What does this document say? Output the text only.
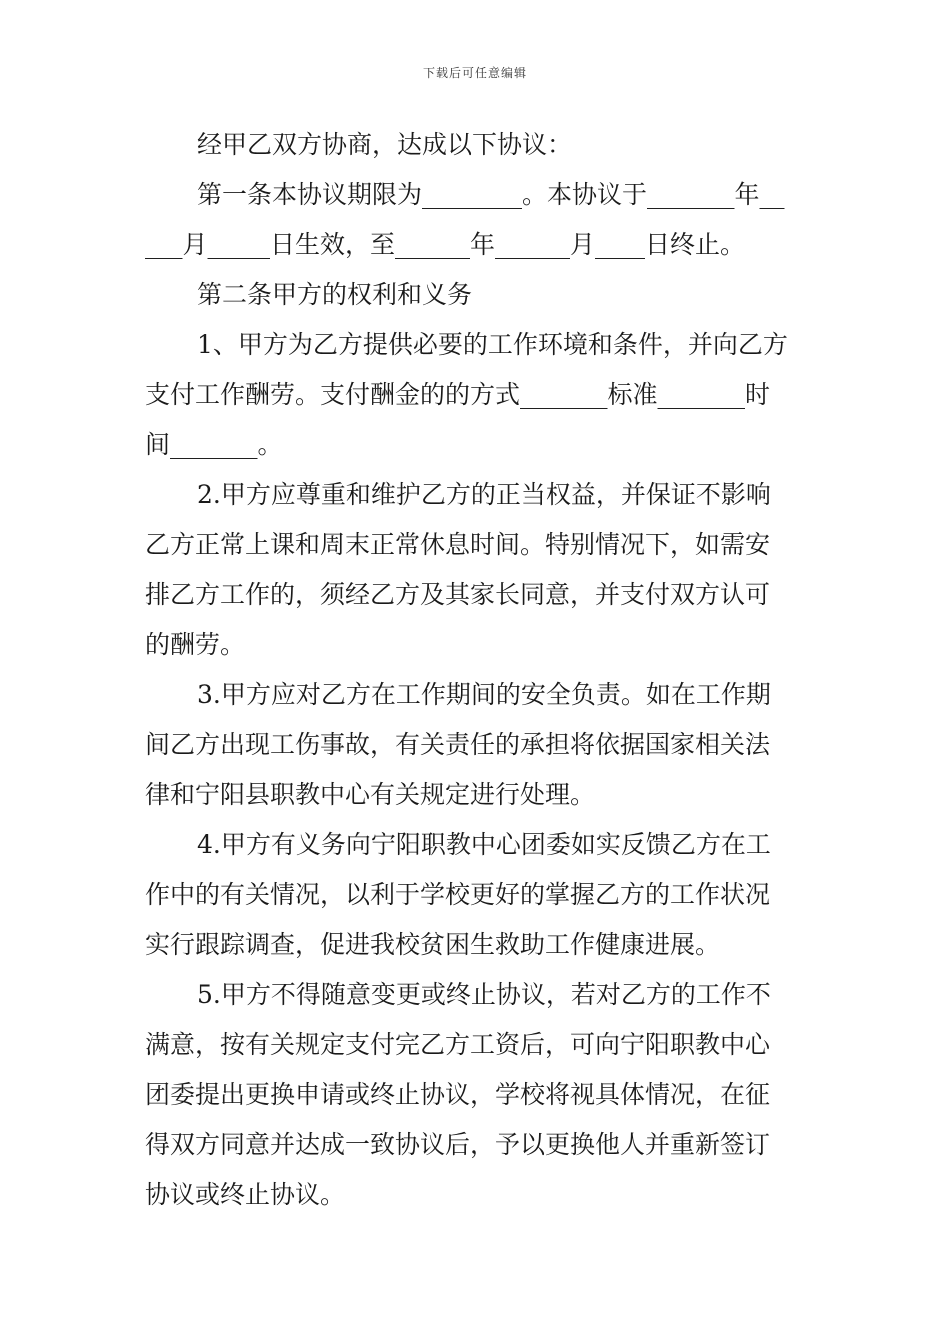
下载后可任意编辑
经甲乙双方协商，达成以下协议：
第一条本协议期限为________。本协议于_______年__
___月_____日生效，至______年______月____日终止。
第二条甲方的权利和义务
1、甲方为乙方提供必要的工作环境和条件，并向乙方
支付工作酬劳。支付酬金的的方式_______标准_______时
间_______。
2.甲方应尊重和维护乙方的正当权益，并保证不影响
乙方正常上课和周末正常休息时间。特别情况下，如需安
排乙方工作的，须经乙方及其家长同意，并支付双方认可
的酬劳。
3.甲方应对乙方在工作期间的安全负责。如在工作期
间乙方出现工伤事故，有关责任的承担将依据国家相关法
律和宁阳县职教中心有关规定进行处理。
4.甲方有义务向宁阳职教中心团委如实反馈乙方在工
作中的有关情况，以利于学校更好的掌握乙方的工作状况
实行跟踪调查，促进我校贫困生救助工作健康进展。
5.甲方不得随意变更或终止协议，若对乙方的工作不
满意，按有关规定支付完乙方工资后，可向宁阳职教中心
团委提出更换申请或终止协议，学校将视具体情况，在征
得双方同意并达成一致协议后，予以更换他人并重新签订
协议或终止协议。
